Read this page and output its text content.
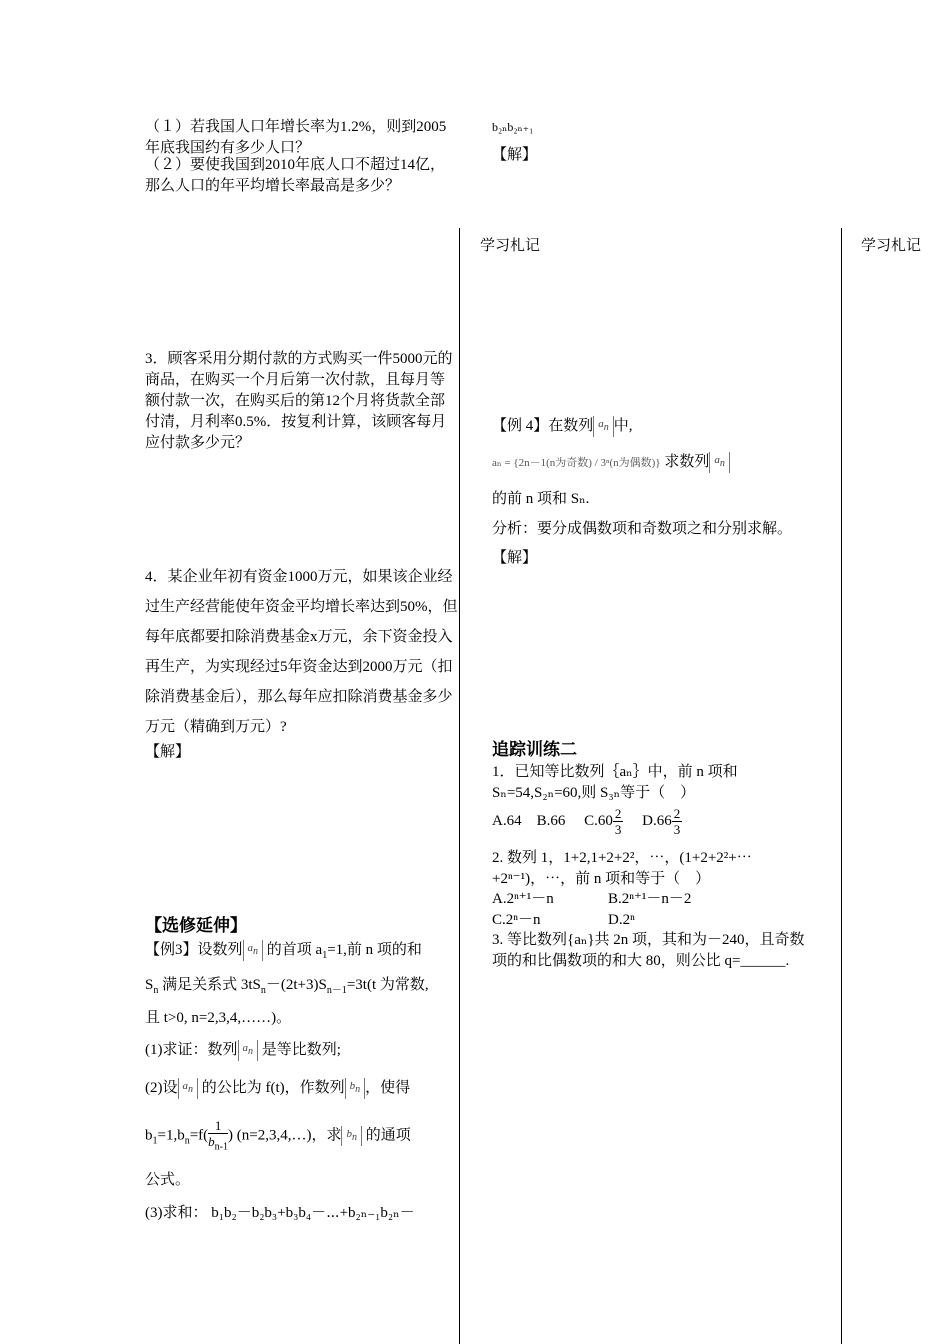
学习札记	学习札记
（１）若我国人口年增长率为1.2%，则到2005年底我国约有多少人口？
（２）要使我国到2010年底人口不超过14亿，那么人口的年平均增长率最高是多少？
3．顾客采用分期付款的方式购买一件5000元的商品，在购买一个月后第一次付款，且每月等额付款一次，在购买后的第12个月将货款全部付清，月利率0.5%．按复利计算，该顾客每月应付款多少元？
4．某企业年初有资金1000万元，如果该企业经过生产经营能使年资金平均增长率达到50%，但每年底都要扣除消费基金x万元，余下资金投入再生产，为实现经过5年资金达到2000万元（扣除消费基金后），那么每年应扣除消费基金多少万元（精确到万元）?
【解】
【选修延伸】
【例3】设数列 $a_n$ 的首项 $a_1=1$,前 n 项的和
$S_n$ 满足关系式 $3tS_n-(2t+3)S_{n-1}=3t(t$ 为常数,
且 t>0, n=2,3,4,……)。
(1)求证：数列 $a_n$ 是等比数列;
(2)设 $a_n$ 的公比为 f(t)，作数列 $b_n$ ，使得
$b_1=1,b_n=f( \frac{1}{b_{n-1}}$ ) (n=2,3,4,…)，求 $b_n$ 的通项
公式。
(3)求和： b₁b₂－b₂b₃+b₃b₄－⋯+b₂ₙ₋₁b₂ₙ－
b₂ₙb₂ₙ₊₁
【解】
【例 4】在数列 $a_n$ 中,
aₙ = {2n－1(n为奇数) / 3ⁿ(n为偶数)} 求数列 $a_n$
的前 n 项和 Sₙ.
分析：要分成偶数项和奇数项之和分别求解。
【解】
追踪训练二
1．已知等比数列｛aₙ｝中，前 n 项和
Sₙ=54,S₂ₙ=60,则 S₃ₙ等于（　）
A.64 B.66 $C.60 \frac{2}{3} D.66 \frac{2}{3}$
2. 数列 1，1+2,1+2+2²，⋯，(1+2+2²+⋯+2ⁿ⁻¹)，⋯，前 n 项和等于（　）
A.2ⁿ⁺¹－n	B.2ⁿ⁺¹－n－2
C.2ⁿ－n	D.2ⁿ
3. 等比数列{aₙ}共 2n 项，其和为－240，且奇数项的和比偶数项的和大 80，则公比 q=______.
